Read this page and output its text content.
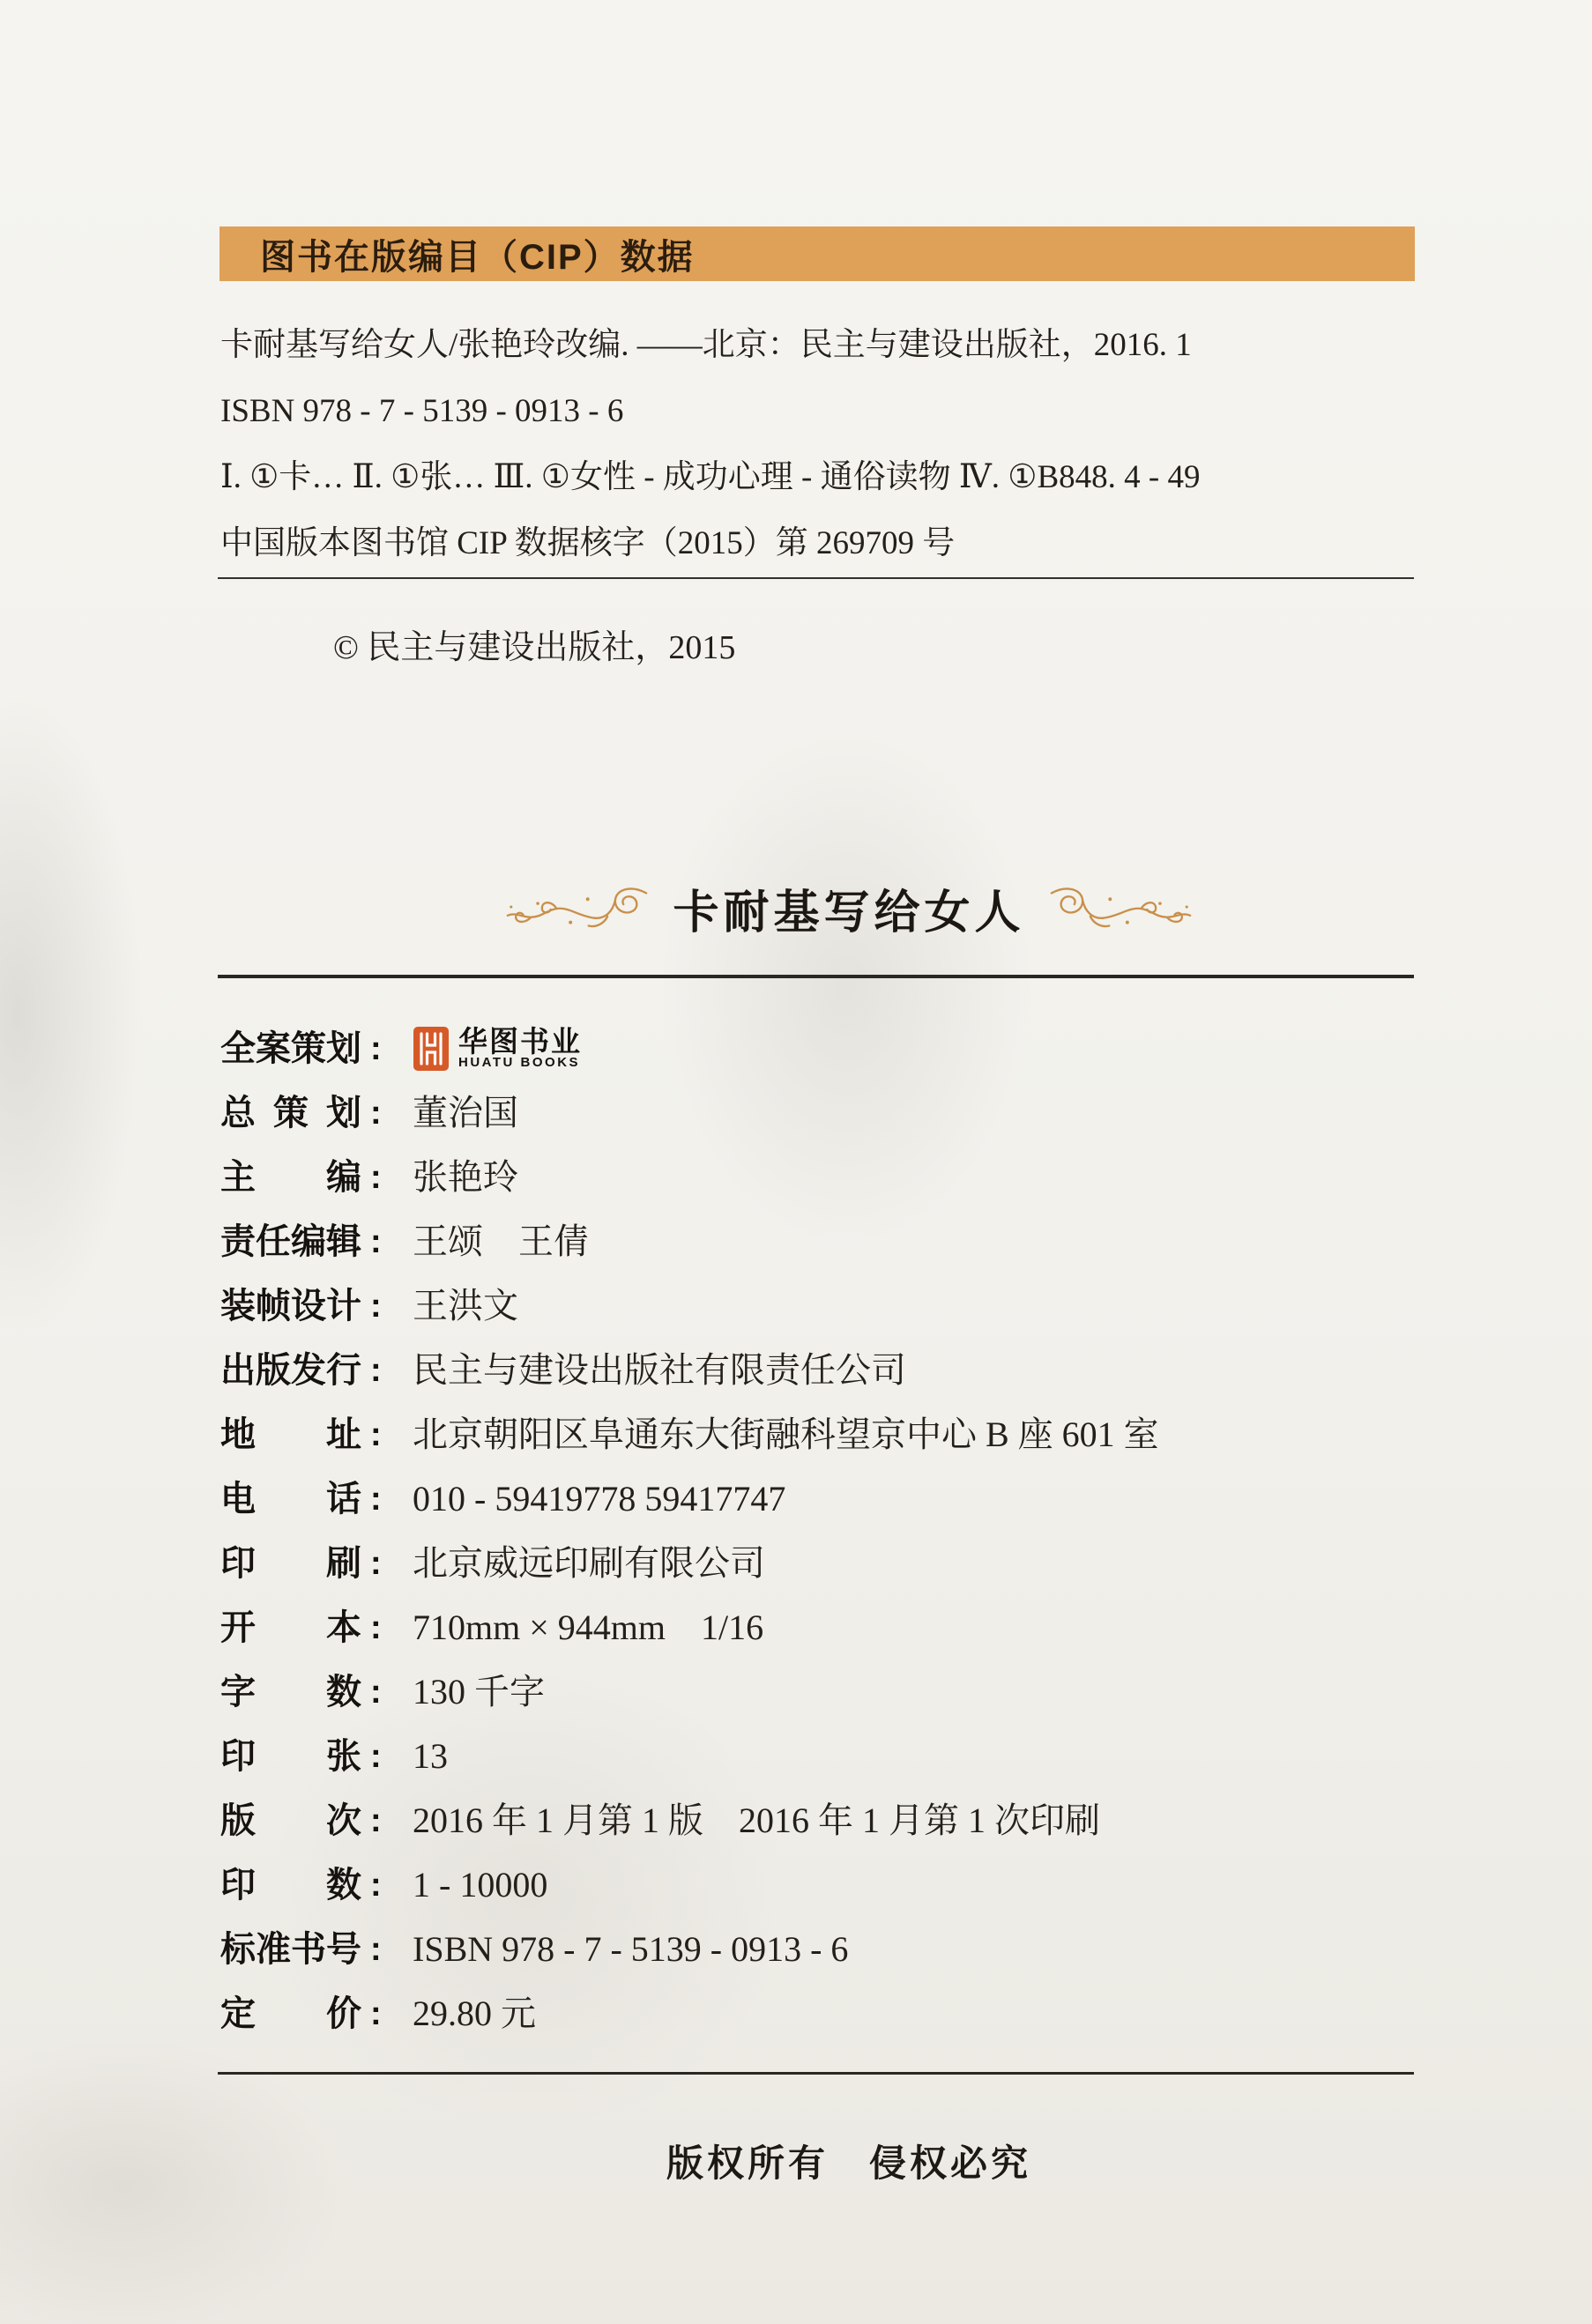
图书在版编目（CIP）数据
卡耐基写给女人/张艳玲改编. ——北京：民主与建设出版社，2016. 1
ISBN 978 - 7 - 5139 - 0913 - 6
Ⅰ. ①卡… Ⅱ. ①张… Ⅲ. ①女性 - 成功心理 - 通俗读物 Ⅳ. ①B848. 4 - 49
中国版本图书馆 CIP 数据核字（2015）第 269709 号
© 民主与建设出版社，2015
卡耐基写给女人
全案策划 :	华图书业
HUATU BOOKS
总策划 : 董治国
主编 : 张艳玲
责任编辑 : 王颂　王倩
装帧设计 : 王洪文
出版发行 : 民主与建设出版社有限责任公司
地址 : 北京朝阳区阜通东大街融科望京中心 B 座 601 室
电话 : 010 - 59419778 59417747
印刷 : 北京威远印刷有限公司
开本 : 710mm × 944mm　1/16
字数 : 130 千字
印张 : 13
版次 : 2016 年 1 月第 1 版　2016 年 1 月第 1 次印刷
印数 : 1 - 10000
标准书号 : ISBN 978 - 7 - 5139 - 0913 - 6
定价 : 29.80 元
版权所有　侵权必究
